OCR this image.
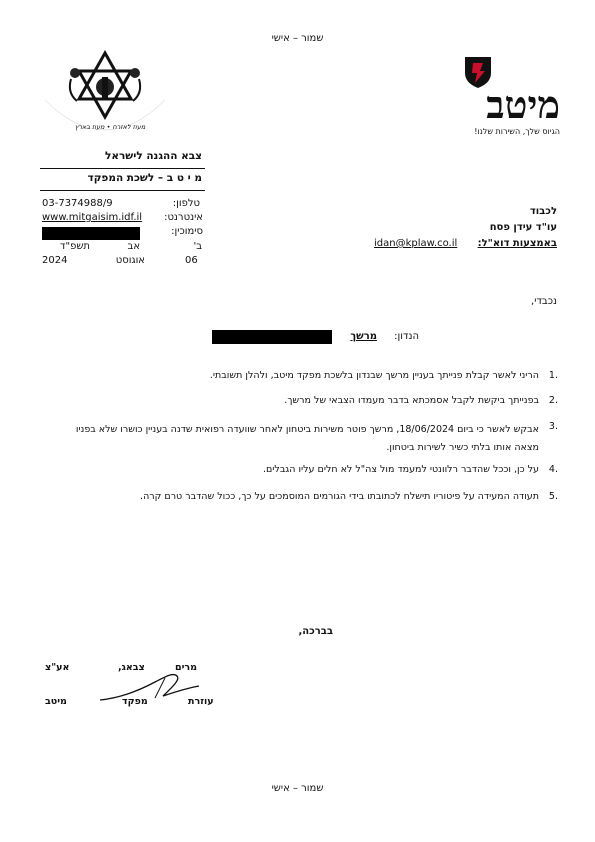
שמור – אישי
מעוז לאזרח • מעוז בארץ
צבא ההגנה לישראל
מ י ט ב – לשכת המפקד
03-7374988/9	טלפון:
www.mitgaisim.idf.il	אינטרנט:
סימוכין:
ב'
אב
תשפ"ד
06
אוגוסט
2024
מיטב
הגיוס שלך, השירות שלנו!
לכבוד
עו"ד עידן פסח
באמצעות דוא"ל:
idan@kplaw.co.il
נכבדי,
הנדון:
מרשך
1.
הריני לאשר קבלת פנייתך בעניין מרשך שבנדון בלשכת מפקד מיטב, ולהלן תשובתי.
2.
בפנייתך ביקשת לקבל אסמכתא בדבר מעמדו הצבאי של מרשך.
3.
אבקש לאשר כי ביום 18/06/2024, מרשך פוטר משירות ביטחון לאחר שוועדה רפואית שדנה בעניין כושרו שלא בפניו מצאה אותו בלתי כשיר לשירות ביטחון.
4.
על כן, וככל שהדבר רלוונטי למעמד מול צה"ל לא חלים עליו הגבלים.
5.
תעודה המעידה על פיטוריו תישלח לכתובתו בידי הגורמים המוסמכים על כך, ככול שהדבר טרם קרה.
בברכה,
מרים
צבאג,
אע"צ
עוזרת
מפקד
מיטב
שמור – אישי
